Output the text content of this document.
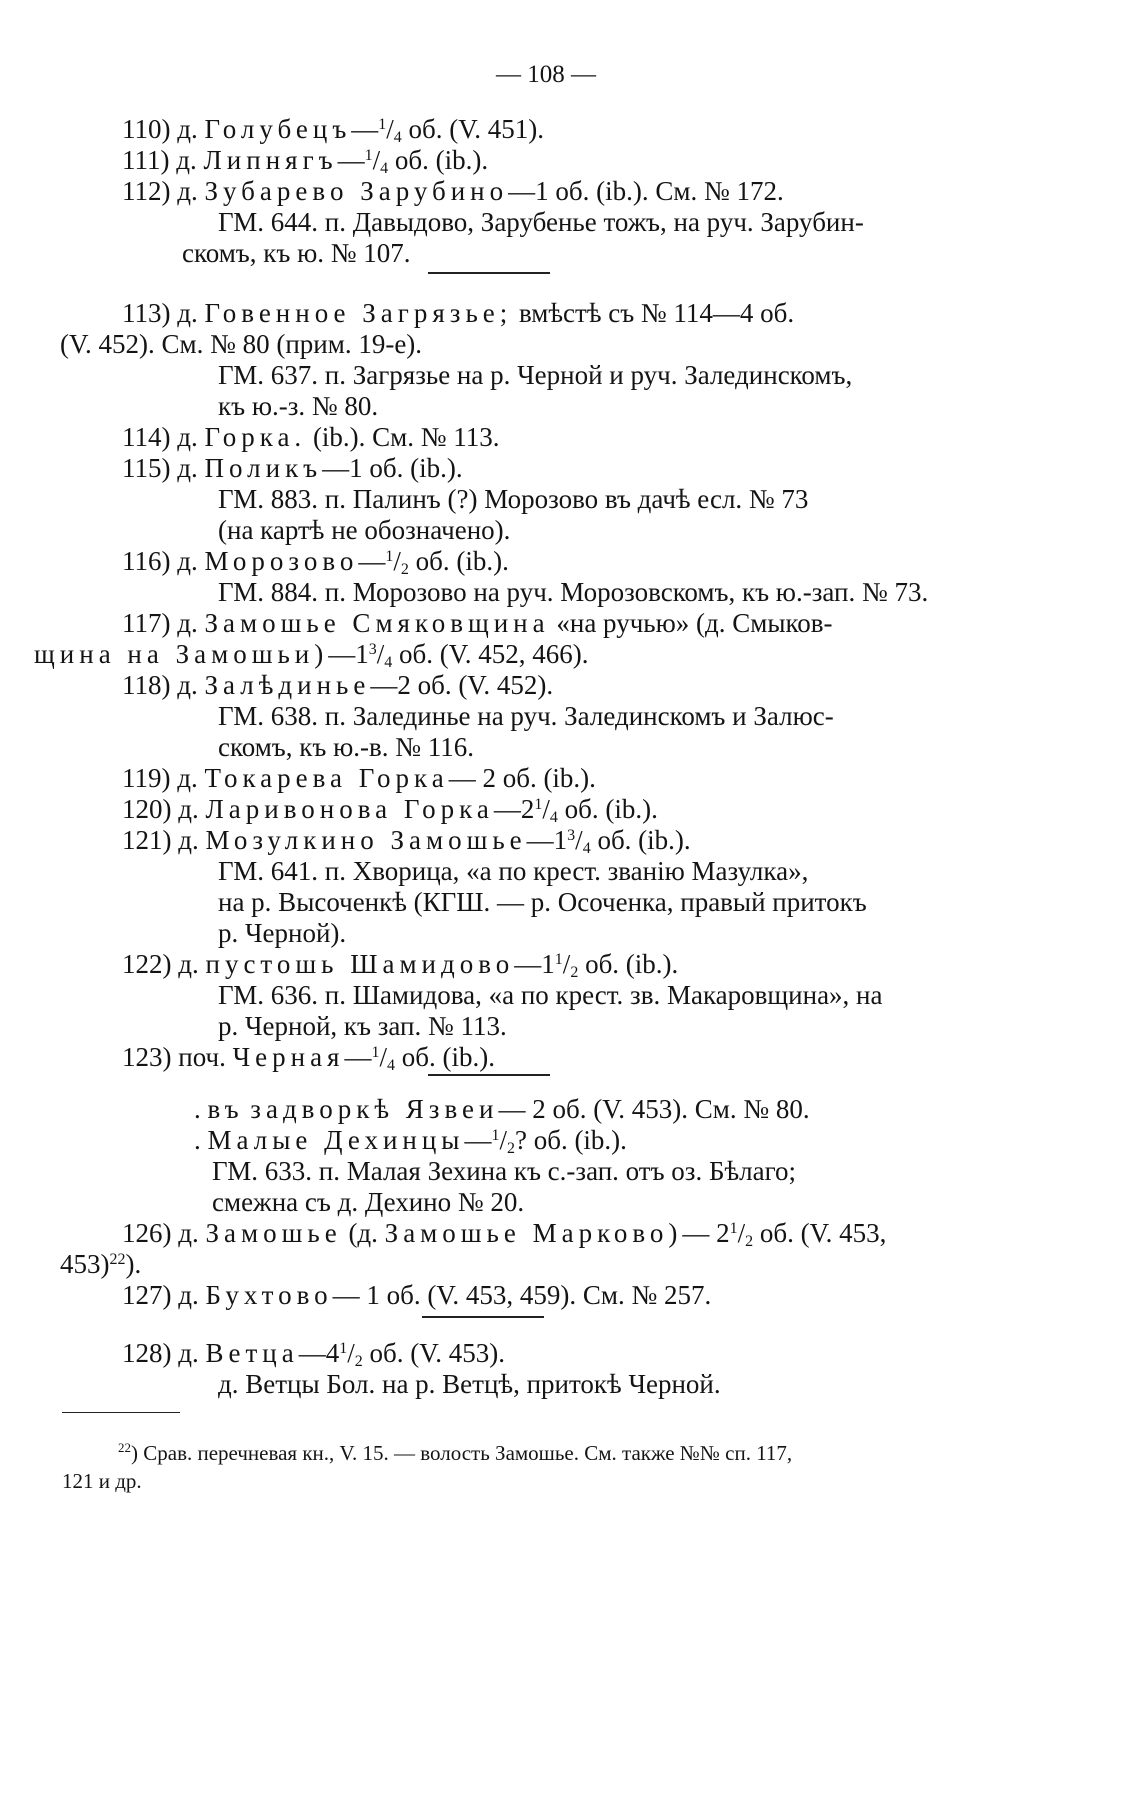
— 108 —
110) д. $Голубецъ—^1/_4$ об. (V. 451).
111) д. $Липнягъ—^1/_4$ об. (ib.).
112) д. Зубарево Зарубино—1 об. (ib.). См. № 172.
ГМ. 644. п. Давыдово, Зарубенье тожъ, на руч. Зарубин-
скомъ, къ ю. № 107.
113) д. Говенное Загрязье; вмѣстѣ съ № 114—4 об.
(V. 452). См. № 80 (прим. 19-е).
ГМ. 637. п. Загрязье на р. Черной и руч. Залединскомъ,
къ ю.-з. № 80.
114) д. Горка. (ib.). См. № 113.
115) д. Поликъ—1 об. (ib.).
ГМ. 883. п. Палинъ (?) Морозово въ дачѣ есл. № 73
(на картѣ не обозначено).
116) д. $Морозово—^1/_2$ об. (ib.).
ГМ. 884. п. Морозово на руч. Морозовскомъ, къ ю.-зап. № 73.
117) д. Замошье Смяковщина «на ручью» (д. Смыков-
щина на $Замошьи)—1^3/_4$ об. (V. 452, 466).
118) д. Залѣдинье—2 об. (V. 452).
ГМ. 638. п. Залединье на руч. Залединскомъ и Залюс-
скомъ, къ ю.-в. № 116.
119) д. Токарева Горка— 2 об. (ib.).
120) д. Ларивонова $Горка—2^1/_4$ об. (ib.).
121) д. Мозулкино $Замошье—1^3/_4$ об. (ib.).
ГМ. 641. п. Хворица, «а по крест. званію Мазулка»,
на р. Высоченкѣ (КГШ. — р. Осоченка, правый притокъ
р. Черной).
122) д. пустошь $Шамидово—1^1/_2$ об. (ib.).
ГМ. 636. п. Шамидова, «а по крест. зв. Макаровщина», на
р. Черной, къ зап. № 113.
123) поч. $Черная—^1/_4$ об. (ib.).
. въ задворкѣ Язвеи— 2 об. (V. 453). См. № 80.
. Малые $Дехинцы—^1/_2$? об. (ib.).
ГМ. 633. п. Малая Зехина къ с.-зап. отъ оз. Бѣлаго;
смежна съ д. Дехино № 20.
126) д. Замошье (д. Замошье Марково)— $2^1/_2$ об. (V. 453,
453)$^{22}$).
127) д. Бухтово— 1 об. (V. 453, 459). См. № 257.
128) д. $Ветца—4^1/_2$ об. (V. 453).
д. Ветцы Бол. на р. Ветцѣ, притокѣ Черной.
$^{22}$) Срав. перечневая кн., V. 15. — волость Замошье. См. также №№ сп. 117,
121 и др.
